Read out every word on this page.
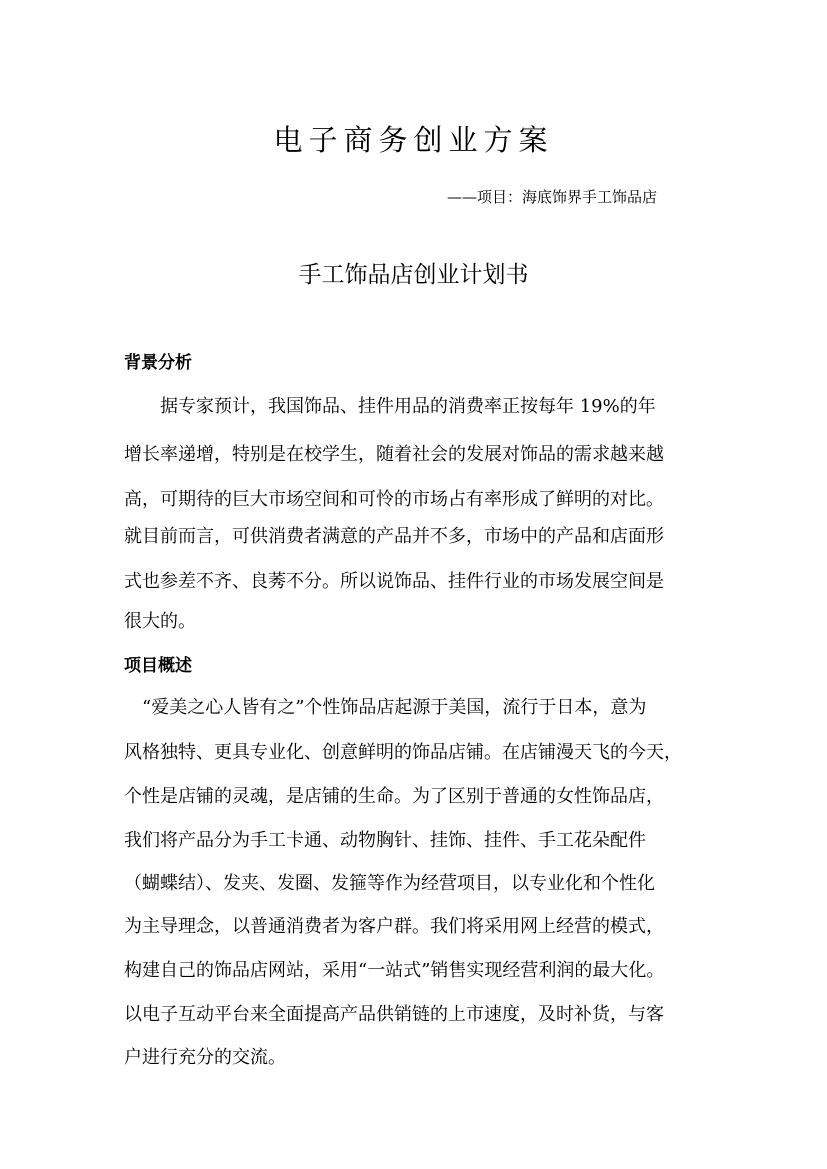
电子商务创业方案

——项目：海底饰界手工饰品店

手工饰品店创业计划书
背景分析

　　据专家预计，我国饰品、挂件用品的消费率正按每年 19%的年

增长率递增，特别是在校学生，随着社会的发展对饰品的需求越来越

高，可期待的巨大市场空间和可怜的市场占有率形成了鲜明的对比。

就目前而言，可供消费者满意的产品并不多，市场中的产品和店面形

式也参差不齐、良莠不分。所以说饰品、挂件行业的市场发展空间是

很大的。

项目概述

　“爱美之心人皆有之”个性饰品店起源于美国，流行于日本，意为

风格独特、更具专业化、创意鲜明的饰品店铺。在店铺漫天飞的今天，

个性是店铺的灵魂，是店铺的生命。为了区别于普通的女性饰品店，

我们将产品分为手工卡通、动物胸针、挂饰、挂件、手工花朵配件

（蝴蝶结）、发夹、发圈、发箍等作为经营项目，以专业化和个性化

为主导理念，以普通消费者为客户群。我们将采用网上经营的模式，

构建自己的饰品店网站，采用“一站式”销售实现经营利润的最大化。

以电子互动平台来全面提高产品供销链的上市速度，及时补货，与客

户进行充分的交流。
